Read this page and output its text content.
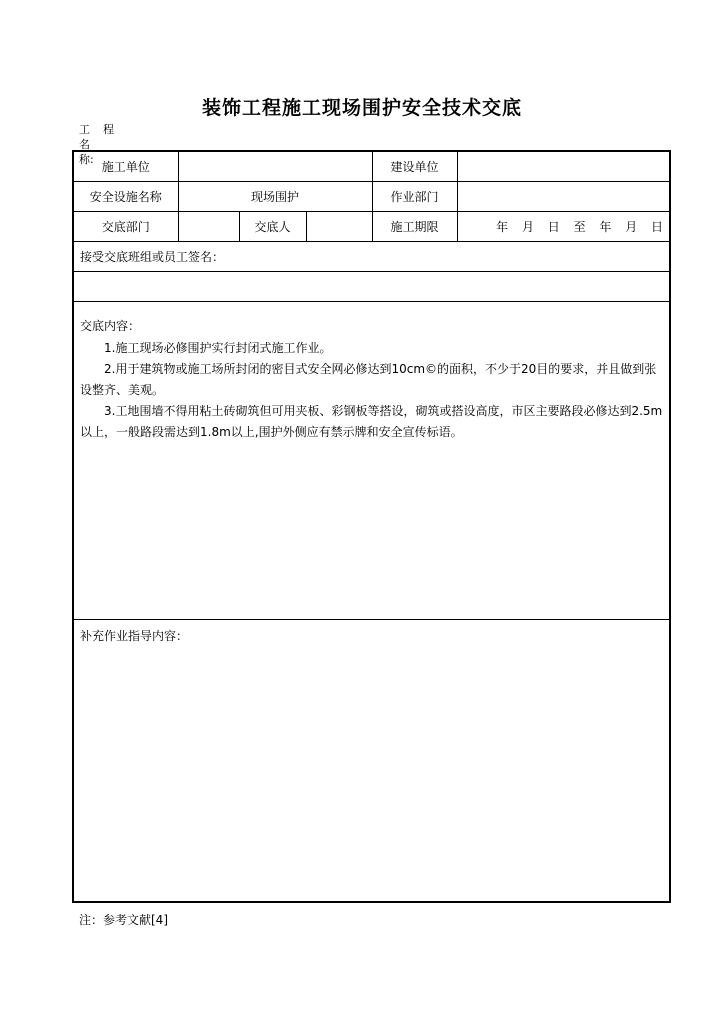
装饰工程施工现场围护安全技术交底
工程名
称:
施工单位				建设单位	
安全设施名称	现场围护			作业部门	
交底部门		交底人		施工期限	年 月 日 至 年 月 日
接受交底班组或员工签名：					

交底内容：

1.施工现场必修围护实行封闭式施工作业。

2.用于建筑物或施工场所封闭的密目式安全网必修达到10cm©的面积，不少于20目的要求，并且做到张设整齐、美观。

3.工地围墙不得用粘土砖砌筑但可用夹板、彩钢板等搭设，砌筑或搭设高度，市区主要路段必修达到2.5m以上，一般路段需达到1.8m以上,围护外侧应有禁示牌和安全宣传标语。					

补充作业指导内容：					

注：参考文献[4]
